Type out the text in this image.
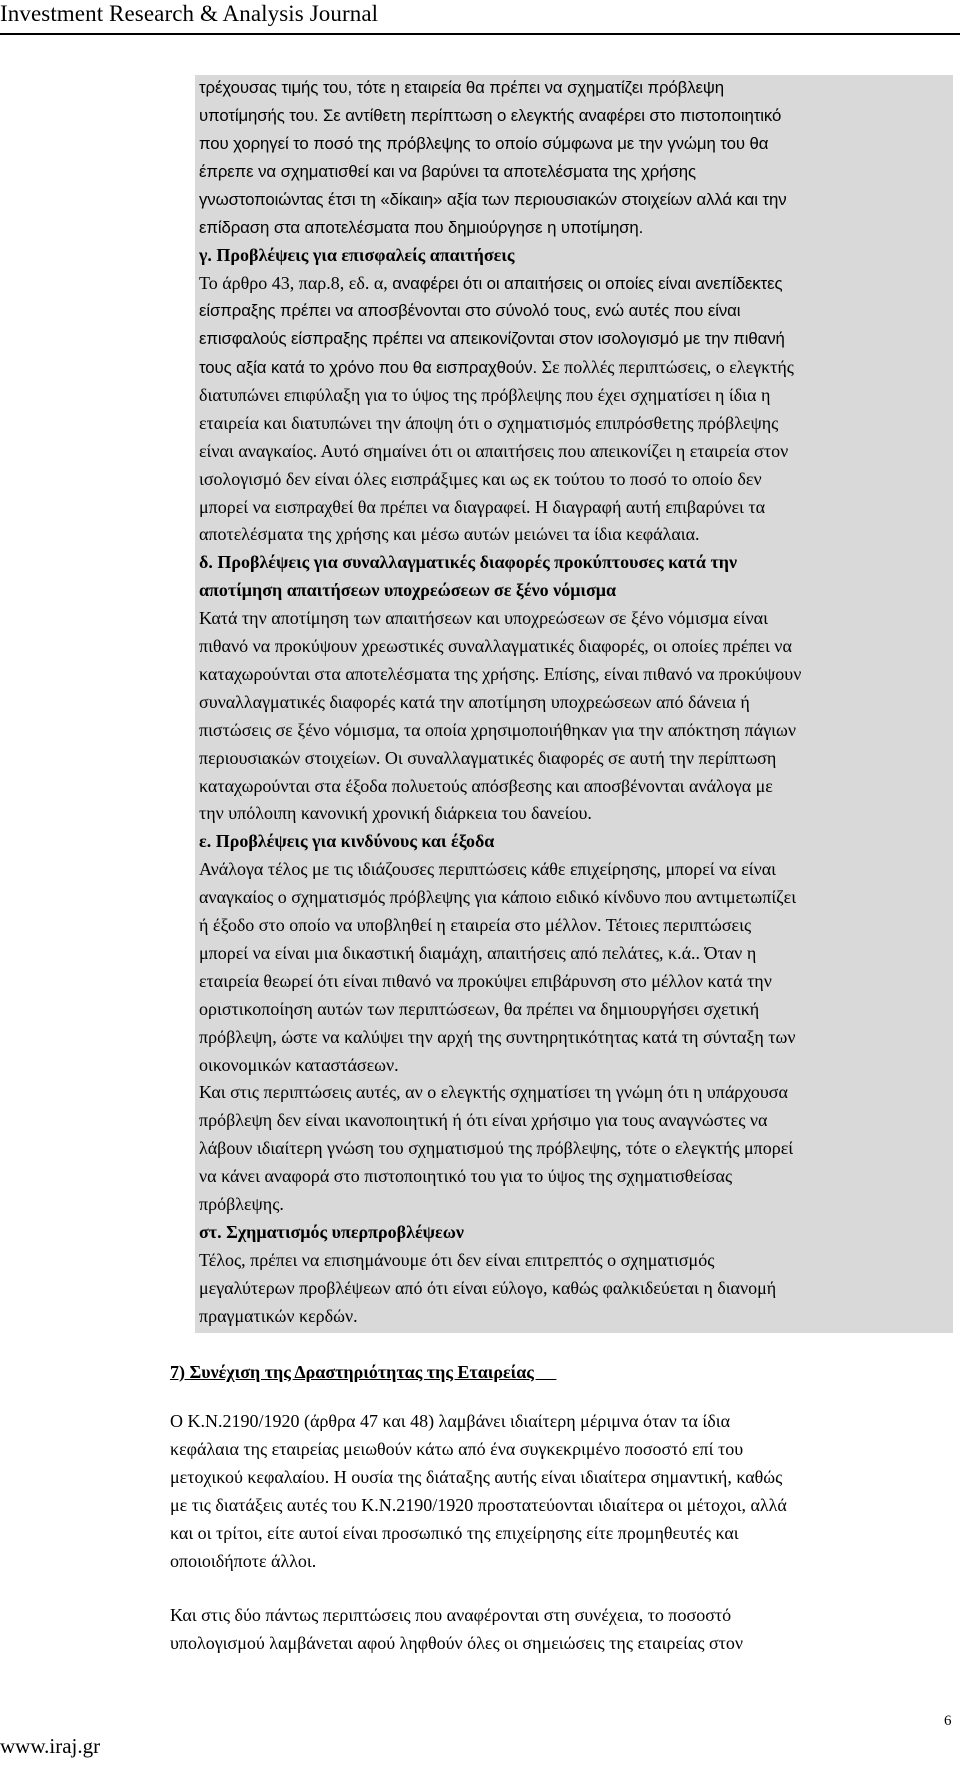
Investment Research & Analysis Journal
τρέχουσας τιμής του, τότε η εταιρεία θα πρέπει να σχηματίζει πρόβλεψη
υποτίμησής του. Σε αντίθετη περίπτωση ο ελεγκτής αναφέρει στο πιστοποιητικό
που χορηγεί το ποσό της πρόβλεψης το οποίο σύμφωνα με την γνώμη του θα
έπρεπε να σχηματισθεί και να βαρύνει τα αποτελέσματα της χρήσης
γνωστοποιώντας έτσι τη «δίκαιη» αξία των περιουσιακών στοιχείων αλλά και την
επίδραση στα αποτελέσματα που δημιούργησε η υποτίμηση.
γ. Προβλέψεις για επισφαλείς απαιτήσεις
Το άρθρο 43, παρ.8, εδ. α, αναφέρει ότι οι απαιτήσεις οι οποίες είναι ανεπίδεκτες
είσπραξης πρέπει να αποσβένονται στο σύνολό τους, ενώ αυτές που είναι
επισφαλούς είσπραξης πρέπει να απεικονίζονται στον ισολογισμό με την πιθανή
τους αξία κατά το χρόνο που θα εισπραχθούν. Σε πολλές περιπτώσεις, ο ελεγκτής
διατυπώνει επιφύλαξη για το ύψος της πρόβλεψης που έχει σχηματίσει η ίδια η
εταιρεία και διατυπώνει την άποψη ότι ο σχηματισμός επιπρόσθετης πρόβλεψης
είναι αναγκαίος. Αυτό σημαίνει ότι οι απαιτήσεις που απεικονίζει η εταιρεία στον
ισολογισμό δεν είναι όλες εισπράξιμες και ως εκ τούτου το ποσό το οποίο δεν
μπορεί να εισπραχθεί θα πρέπει να διαγραφεί. Η διαγραφή αυτή επιβαρύνει τα
αποτελέσματα της χρήσης και μέσω αυτών μειώνει τα ίδια κεφάλαια.
δ. Προβλέψεις για συναλλαγματικές διαφορές προκύπτουσες κατά την
αποτίμηση απαιτήσεων υποχρεώσεων σε ξένο νόμισμα
Κατά την αποτίμηση των απαιτήσεων και υποχρεώσεων σε ξένο νόμισμα είναι
πιθανό να προκύψουν χρεωστικές συναλλαγματικές διαφορές, οι οποίες πρέπει να
καταχωρούνται στα αποτελέσματα της χρήσης. Επίσης, είναι πιθανό να προκύψουν
συναλλαγματικές διαφορές κατά την αποτίμηση υποχρεώσεων από δάνεια ή
πιστώσεις σε ξένο νόμισμα, τα οποία χρησιμοποιήθηκαν για την απόκτηση πάγιων
περιουσιακών στοιχείων. Οι συναλλαγματικές διαφορές σε αυτή την περίπτωση
καταχωρούνται στα έξοδα πολυετούς απόσβεσης και αποσβένονται ανάλογα με
την υπόλοιπη κανονική χρονική διάρκεια του δανείου.
ε. Προβλέψεις για κινδύνους και έξοδα
Ανάλογα τέλος με τις ιδιάζουσες περιπτώσεις κάθε επιχείρησης, μπορεί να είναι
αναγκαίος ο σχηματισμός πρόβλεψης για κάποιο ειδικό κίνδυνο που αντιμετωπίζει
ή έξοδο στο οποίο να υποβληθεί η εταιρεία στο μέλλον. Τέτοιες περιπτώσεις
μπορεί να είναι μια δικαστική διαμάχη, απαιτήσεις από πελάτες, κ.ά.. Όταν η
εταιρεία θεωρεί ότι είναι πιθανό να προκύψει επιβάρυνση στο μέλλον κατά την
οριστικοποίηση αυτών των περιπτώσεων, θα πρέπει να δημιουργήσει σχετική
πρόβλεψη, ώστε να καλύψει την αρχή της συντηρητικότητας κατά τη σύνταξη των
οικονομικών καταστάσεων.
Και στις περιπτώσεις αυτές, αν ο ελεγκτής σχηματίσει τη γνώμη ότι η υπάρχουσα
πρόβλεψη δεν είναι ικανοποιητική ή ότι είναι χρήσιμο για τους αναγνώστες να
λάβουν ιδιαίτερη γνώση του σχηματισμού της πρόβλεψης, τότε ο ελεγκτής μπορεί
να κάνει αναφορά στο πιστοποιητικό του για το ύψος της σχηματισθείσας
πρόβλεψης.
στ. Σχηματισμός υπερπροβλέψεων
Τέλος, πρέπει να επισημάνουμε ότι δεν είναι επιτρεπτός ο σχηματισμός
μεγαλύτερων προβλέψεων από ότι είναι εύλογο, καθώς φαλκιδεύεται η διανομή
πραγματικών κερδών.
7) Συνέχιση της Δραστηριότητας της Εταιρείας
Ο Κ.Ν.2190/1920 (άρθρα 47 και 48) λαμβάνει ιδιαίτερη μέριμνα όταν τα ίδια
κεφάλαια της εταιρείας μειωθούν κάτω από ένα συγκεκριμένο ποσοστό επί του
μετοχικού κεφαλαίου. Η ουσία της διάταξης αυτής είναι ιδιαίτερα σημαντική, καθώς
με τις διατάξεις αυτές του Κ.Ν.2190/1920 προστατεύονται ιδιαίτερα οι μέτοχοι, αλλά
και οι τρίτοι, είτε αυτοί είναι προσωπικό της επιχείρησης είτε προμηθευτές και
οποιοιδήποτε άλλοι.
Και στις δύο πάντως περιπτώσεις που αναφέρονται στη συνέχεια, το ποσοστό
υπολογισμού λαμβάνεται αφού ληφθούν όλες οι σημειώσεις της εταιρείας στον
6
www.iraj.gr
